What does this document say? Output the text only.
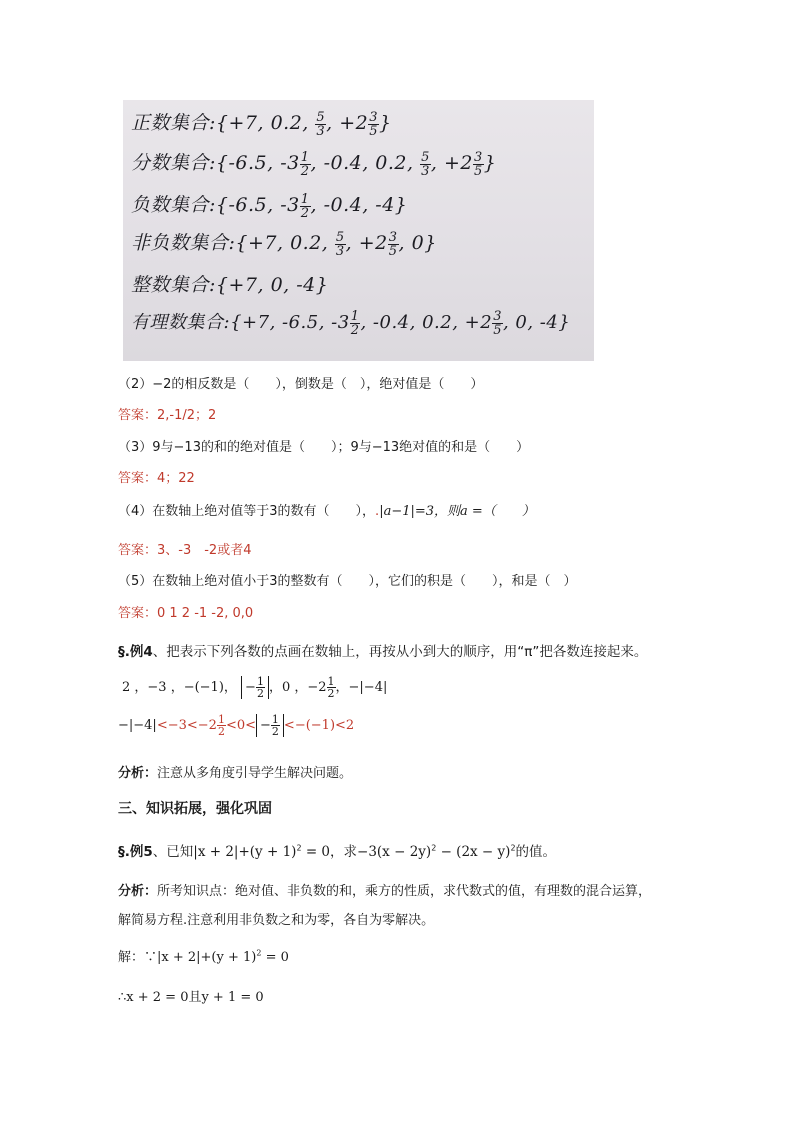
正数集合:{+7, 0.2, $\frac{5}{3}$ , $+2 \frac{3}{5}$ }
分数集合:{-6.5, $-3 \frac{1}{2}$ , -0.4, 0.2, $\frac{5}{3}$ , $+2 \frac{3}{5}$ }
负数集合:{-6.5, $-3 \frac{1}{2}$ , -0.4, -4}
非负数集合:{+7, 0.2, $\frac{5}{3}$ , $+2 \frac{3}{5}$ , 0}
整数集合:{+7, 0, -4}
有理数集合:{+7, -6.5, $-3 \frac{1}{2}$ , -0.4, 0.2, $+2 \frac{3}{5}$ , 0, -4}
（2）−2的相反数是（　　），倒数是（　），绝对值是（　　）
答案：2,-1/2；2
（3）9与−13的和的绝对值是（　　）；9与−13绝对值的和是（　　）
答案：4；22
（4）在数轴上绝对值等于3的数有（　　），.|a−1|=3，则a =（　　）
答案：3、-3　-2或者4
（5）在数轴上绝对值小于3的整数有（　　），它们的积是（　　），和是（　）
答案：0 1 2 -1 -2, 0,0
§.例4、把表示下列各数的点画在数轴上，再按从小到大的顺序，用“π”把各数连接起来。
2 ，−3 ，−(−1)， − $\frac{1}{2}$ ，0 ，$-2 \frac{1}{2}$ ，−|−4|
$-|-4|<-3<-2 \frac{1}{2} <0< - \frac{1}{2} <-(-1)<2$
分析：注意从多角度引导学生解决问题。
三、知识拓展，强化巩固
§.例5、已知$|x + 2|+(y + 1)^2 = 0$，求$-3(x - 2y)^2 - (2x - y)^2$的值。
分析：所考知识点：绝对值、非负数的和，乘方的性质，求代数式的值，有理数的混合运算，
解简易方程.注意利用非负数之和为零，各自为零解决。
解：∵|x + $2|+(y + 1)^2 = 0$
∴x + 2 = 0且y + 1 = 0
